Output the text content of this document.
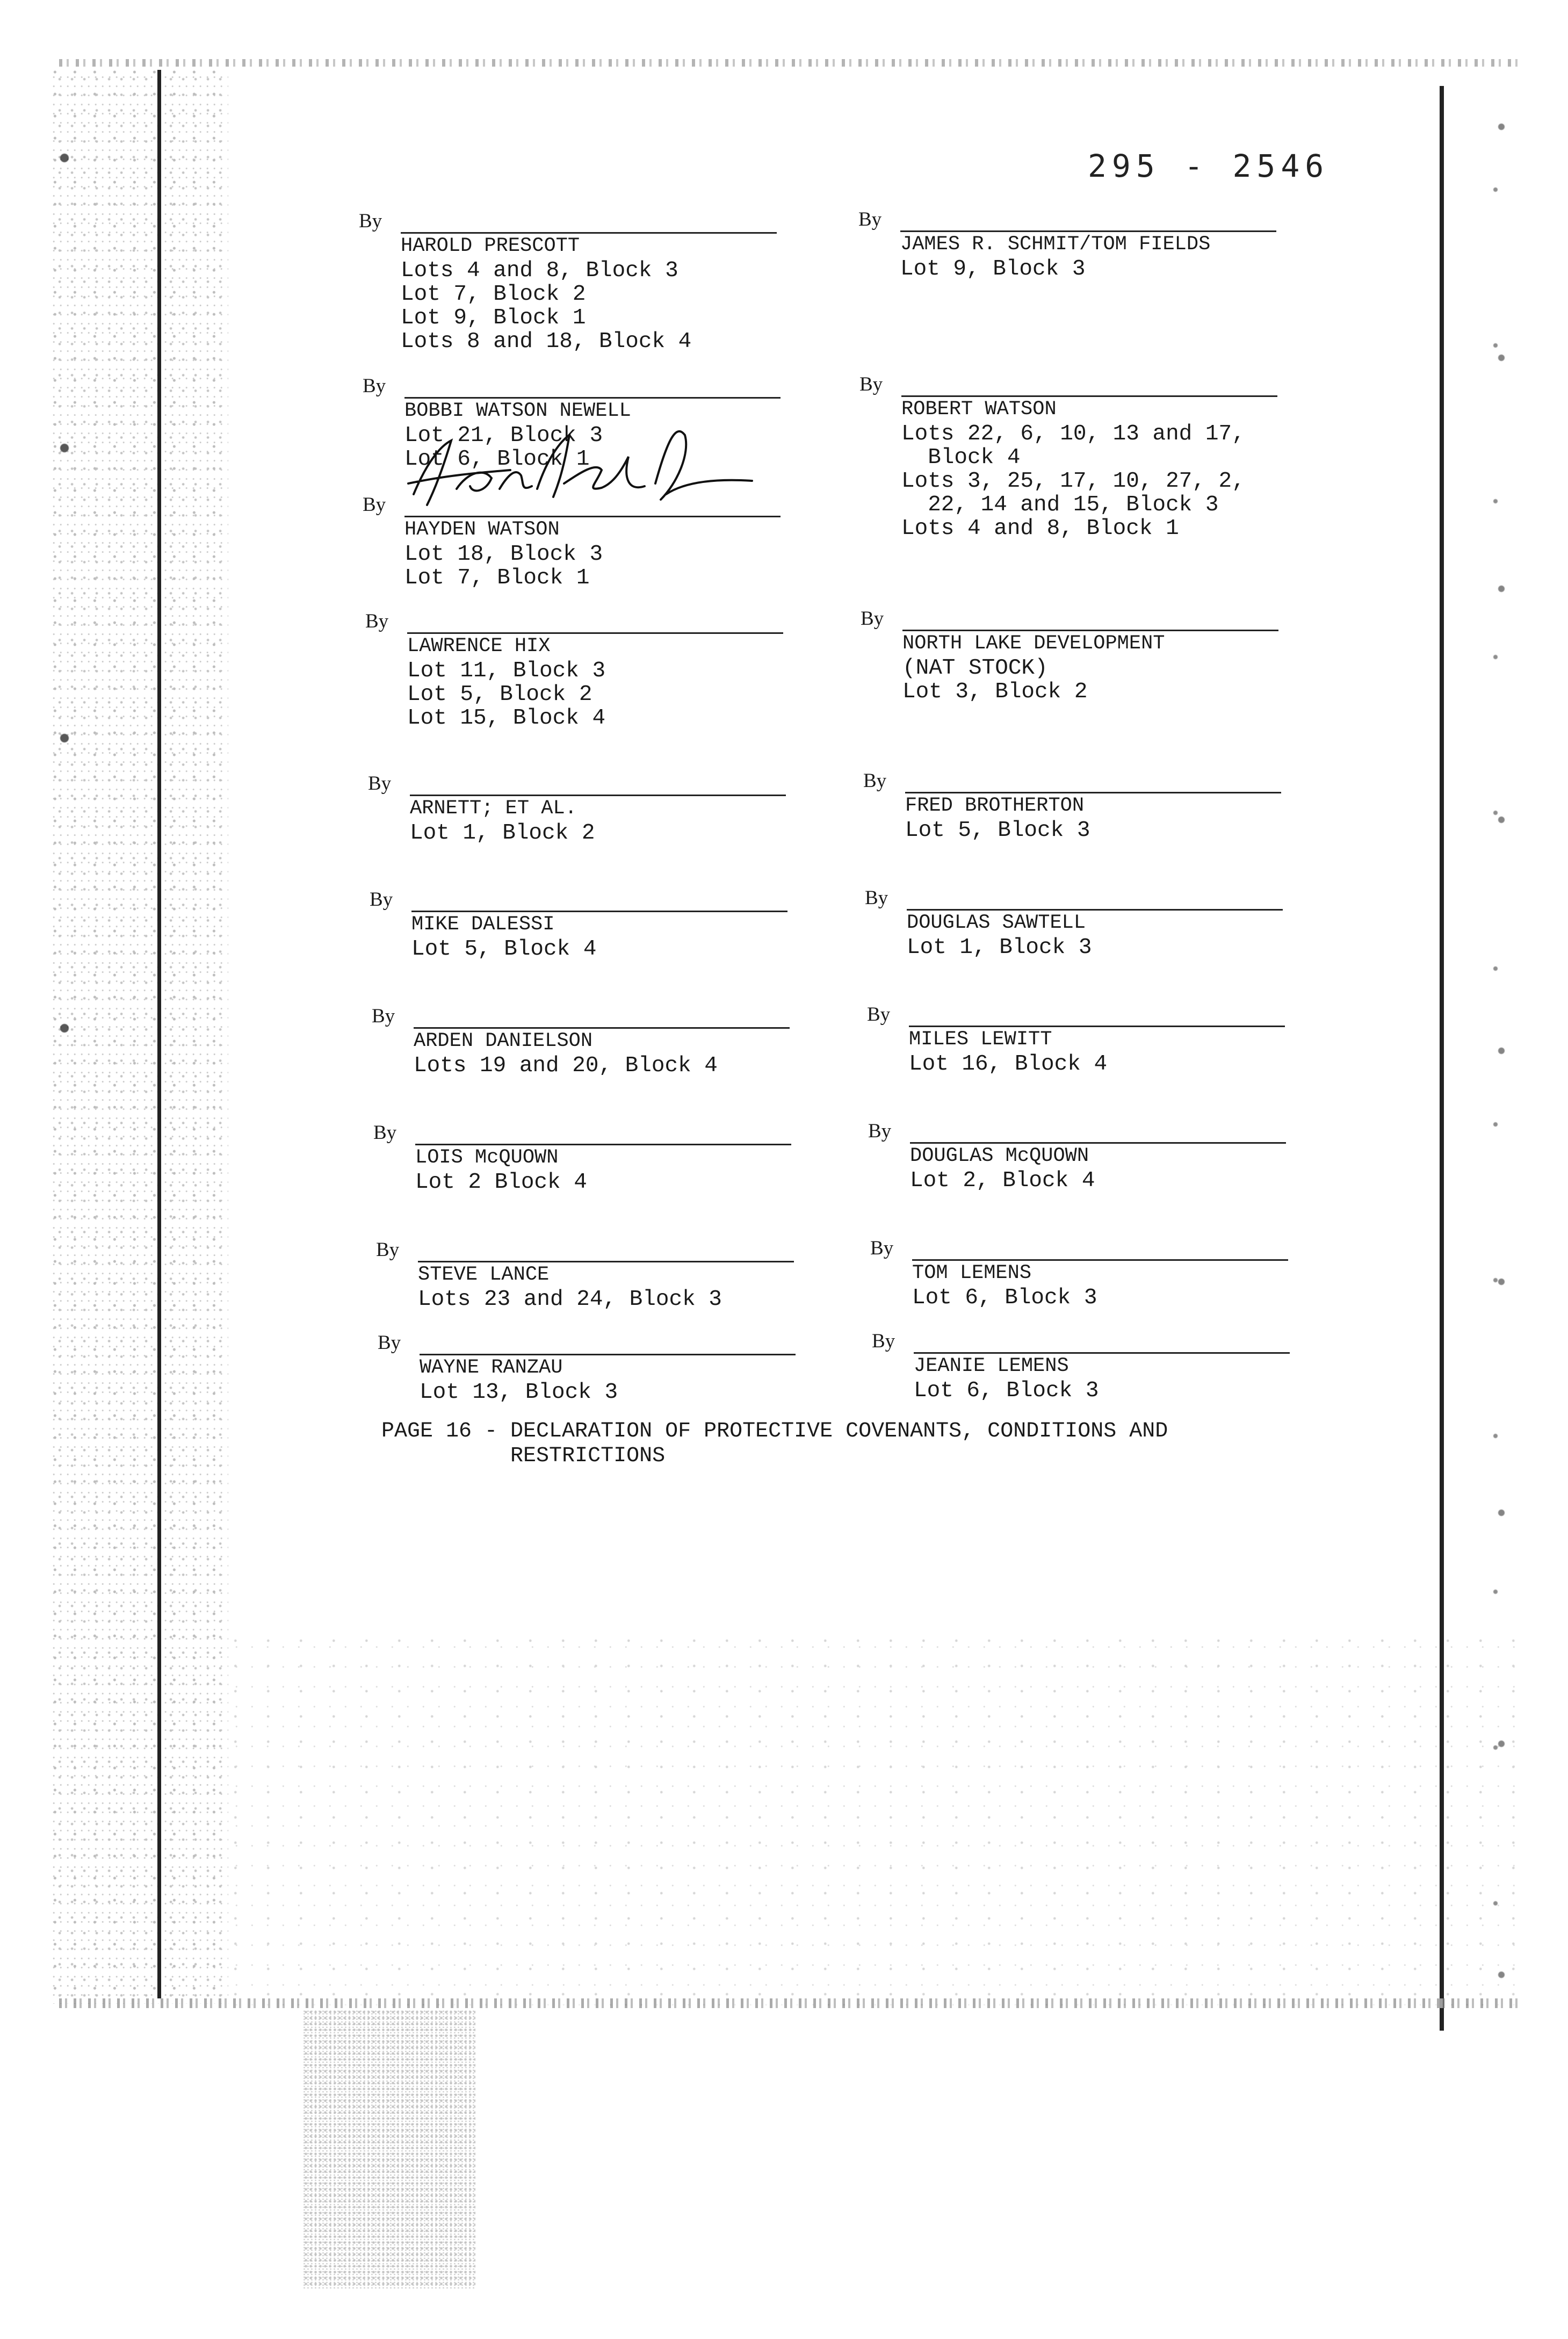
295 - 2546
By
HAROLD PRESCOTT
Lots 4 and 8, Block 3
Lot 7, Block 2
Lot 9, Block 1
Lots 8 and 18, Block 4
By
JAMES R. SCHMIT/TOM FIELDS
Lot 9, Block 3
By
BOBBI WATSON NEWELL
Lot 21, Block 3
Lot 6, Block 1
By
ROBERT WATSON
Lots 22, 6, 10, 13 and 17,
Block 4
Lots 3, 25, 17, 10, 27, 2,
22, 14 and 15, Block 3
Lots 4 and 8, Block 1
By
HAYDEN WATSON
Lot 18, Block 3
Lot 7, Block 1
By
LAWRENCE HIX
Lot 11, Block 3
Lot 5, Block 2
Lot 15, Block 4
By
NORTH LAKE DEVELOPMENT
(NAT STOCK)
Lot 3, Block 2
By
ARNETT; ET AL.
Lot 1, Block 2
By
FRED BROTHERTON
Lot 5, Block 3
By
MIKE DALESSI
Lot 5, Block 4
By
DOUGLAS SAWTELL
Lot 1, Block 3
By
ARDEN DANIELSON
Lots 19 and 20, Block 4
By
MILES LEWITT
Lot 16, Block 4
By
LOIS McQUOWN
Lot 2 Block 4
By
DOUGLAS McQUOWN
Lot 2, Block 4
By
STEVE LANCE
Lots 23 and 24, Block 3
By
TOM LEMENS
Lot 6, Block 3
By
WAYNE RANZAU
Lot 13, Block 3
By
JEANIE LEMENS
Lot 6, Block 3
PAGE 16 - DECLARATION OF PROTECTIVE COVENANTS, CONDITIONS AND
RESTRICTIONS
